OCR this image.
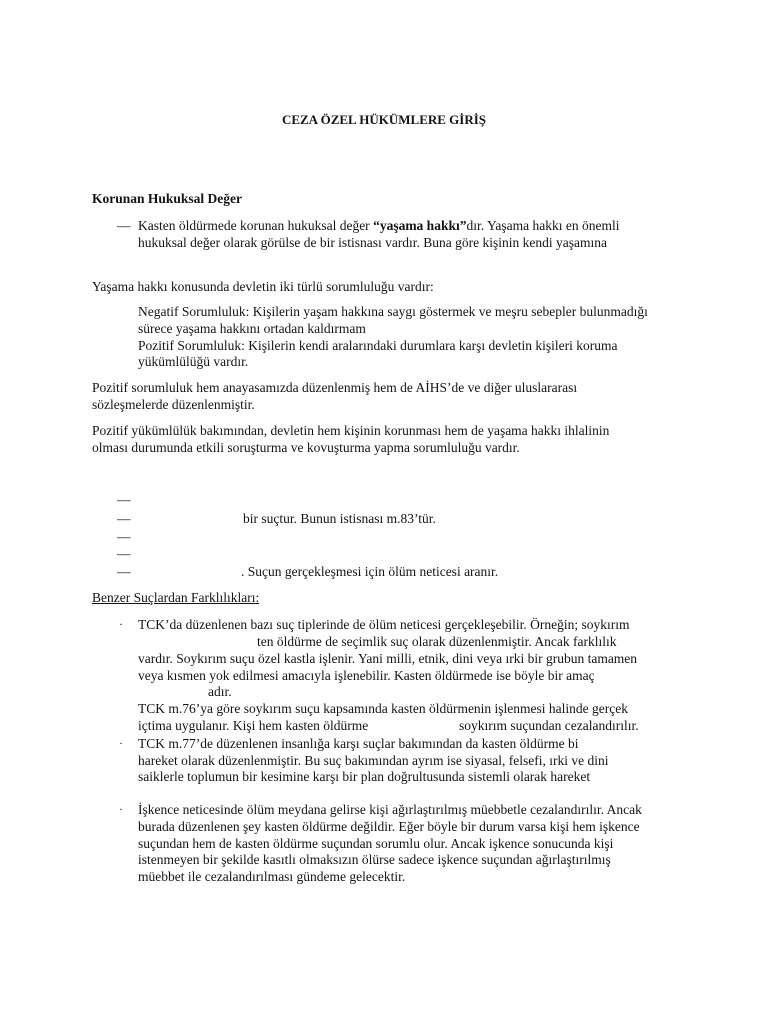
CEZA ÖZEL HÜKÜMLERE GİRİŞ
Korunan Hukuksal Değer
— Kasten öldürmede korunan hukuksal değer “yaşama hakkı”dır. Yaşama hakkı en önemli
hukuksal değer olarak görülse de bir istisnası vardır. Buna göre kişinin kendi yaşamına
Yaşama hakkı konusunda devletin iki türlü sorumluluğu vardır:
Negatif Sorumluluk: Kişilerin yaşam hakkına saygı göstermek ve meşru sebepler bulunmadığı
sürece yaşama hakkını ortadan kaldırmam
Pozitif Sorumluluk: Kişilerin kendi aralarındaki durumlara karşı devletin kişileri koruma
yükümlülüğü vardır.
Pozitif sorumluluk hem anayasamızda düzenlenmiş hem de AİHS’de ve diğer uluslararası
sözleşmelerde düzenlenmiştir.
Pozitif yükümlülük bakımından, devletin hem kişinin korunması hem de yaşama hakkı ihlalinin
olması durumunda etkili soruşturma ve kovuşturma yapma sorumluluğu vardır.
—
—	bir suçtur. Bunun istisnası m.83’tür.
—
—
—	. Suçun gerçekleşmesi için ölüm neticesi aranır.
Benzer Suçlardan Farklılıkları:
· TCK’da düzenlenen bazı suç tiplerinde de ölüm neticesi gerçekleşebilir. Örneğin; soykırım
ten öldürme de seçimlik suç olarak düzenlenmiştir. Ancak farklılık
vardır. Soykırım suçu özel kastla işlenir. Yani milli, etnik, dini veya ırki bir grubun tamamen
veya kısmen yok edilmesi amacıyla işlenebilir. Kasten öldürmede ise böyle bir amaç
adır.
TCK m.76’ya göre soykırım suçu kapsamında kasten öldürmenin işlenmesi halinde gerçek
içtima uygulanır. Kişi hem kasten öldürme	soykırım suçundan cezalandırılır.
· TCK m.77’de düzenlenen insanlığa karşı suçlar bakımından da kasten öldürme bi
hareket olarak düzenlenmiştir. Bu suç bakımından ayrım ise siyasal, felsefi, ırki ve dini
saiklerle toplumun bir kesimine karşı bir plan doğrultusunda sistemli olarak hareket
· İşkence neticesinde ölüm meydana gelirse kişi ağırlaştırılmış müebbetle cezalandırılır. Ancak
burada düzenlenen şey kasten öldürme değildir. Eğer böyle bir durum varsa kişi hem işkence
suçundan hem de kasten öldürme suçundan sorumlu olur. Ancak işkence sonucunda kişi
istenmeyen bir şekilde kasıtlı olmaksızın ölürse sadece işkence suçundan ağırlaştırılmış
müebbet ile cezalandırılması gündeme gelecektir.
